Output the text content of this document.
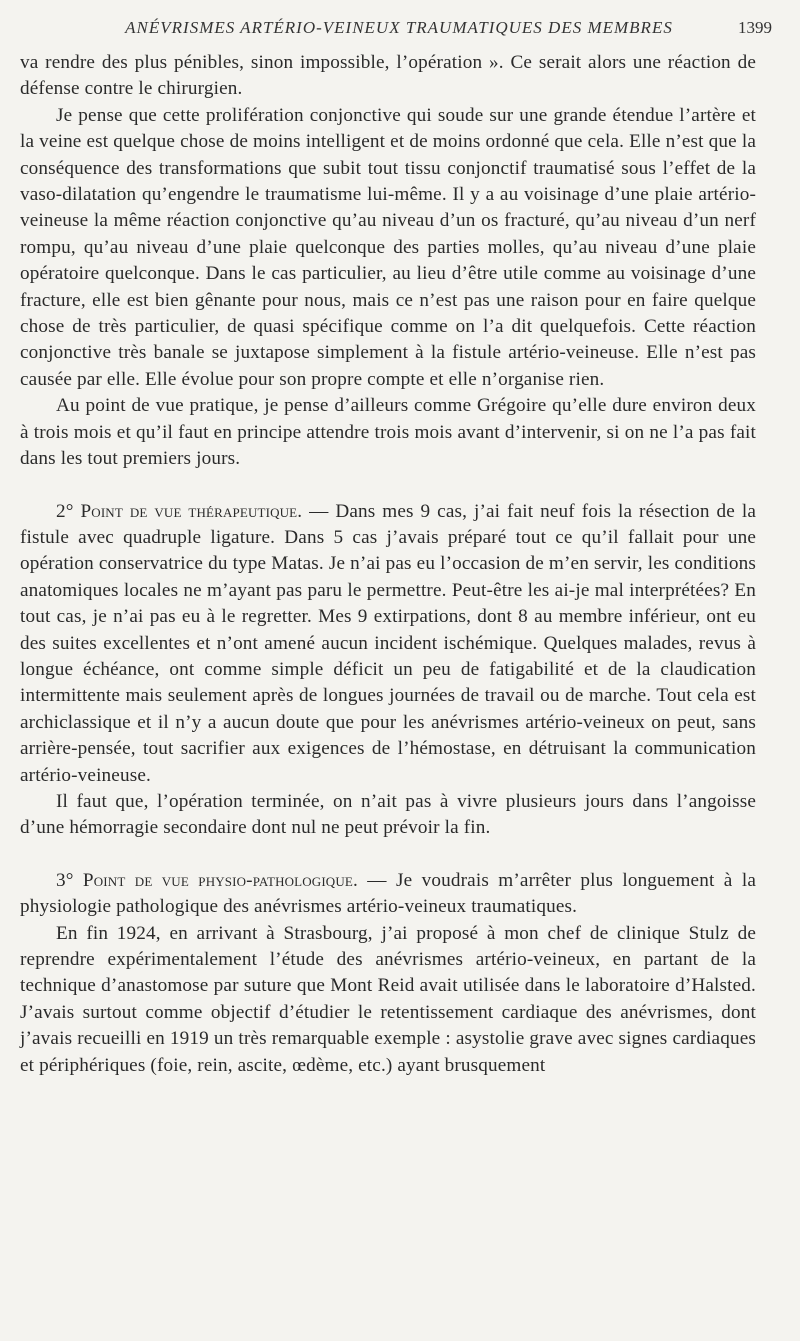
ANÉVRISMES ARTÉRIO-VEINEUX TRAUMATIQUES DES MEMBRES	1399

va rendre des plus pénibles, sinon impossible, l’opération ». Ce serait alors une réaction de défense contre le chirurgien.

Je pense que cette prolifération conjonctive qui soude sur une grande étendue l’artère et la veine est quelque chose de moins intelligent et de moins ordonné que cela. Elle n’est que la conséquence des transformations que subit tout tissu conjonctif traumatisé sous l’effet de la vaso-dilatation qu’engendre le traumatisme lui-même. Il y a au voisinage d’une plaie artério-veineuse la même réaction conjonctive qu’au niveau d’un os fracturé, qu’au niveau d’un nerf rompu, qu’au niveau d’une plaie quelconque des parties molles, qu’au niveau d’une plaie opératoire quelconque. Dans le cas particulier, au lieu d’être utile comme au voisinage d’une fracture, elle est bien gênante pour nous, mais ce n’est pas une raison pour en faire quelque chose de très particulier, de quasi spécifique comme on l’a dit quelquefois. Cette réaction conjonctive très banale se juxtapose simplement à la fistule artério-veineuse. Elle n’est pas causée par elle. Elle évolue pour son propre compte et elle n’organise rien.

Au point de vue pratique, je pense d’ailleurs comme Grégoire qu’elle dure environ deux à trois mois et qu’il faut en principe attendre trois mois avant d’intervenir, si on ne l’a pas fait dans les tout premiers jours.

2° Point de vue thérapeutique. — Dans mes 9 cas, j’ai fait neuf fois la résection de la fistule avec quadruple ligature. Dans 5 cas j’avais préparé tout ce qu’il fallait pour une opération conservatrice du type Matas. Je n’ai pas eu l’occasion de m’en servir, les conditions anatomiques locales ne m’ayant pas paru le permettre. Peut-être les ai-je mal interprétées? En tout cas, je n’ai pas eu à le regretter. Mes 9 extirpations, dont 8 au membre inférieur, ont eu des suites excellentes et n’ont amené aucun incident ischémique. Quelques malades, revus à longue échéance, ont comme simple déficit un peu de fatigabilité et de la claudication intermittente mais seulement après de longues journées de travail ou de marche. Tout cela est archiclassique et il n’y a aucun doute que pour les anévrismes artério-veineux on peut, sans arrière-pensée, tout sacrifier aux exigences de l’hémostase, en détruisant la communication artério-veineuse.

Il faut que, l’opération terminée, on n’ait pas à vivre plusieurs jours dans l’angoisse d’une hémorragie secondaire dont nul ne peut prévoir la fin.

3° Point de vue physio-pathologique. — Je voudrais m’arrêter plus longuement à la physiologie pathologique des anévrismes artério-veineux traumatiques.

En fin 1924, en arrivant à Strasbourg, j’ai proposé à mon chef de clinique Stulz de reprendre expérimentalement l’étude des anévrismes artério-veineux, en partant de la technique d’anastomose par suture que Mont Reid avait utilisée dans le laboratoire d’Halsted. J’avais surtout comme objectif d’étudier le retentissement cardiaque des anévrismes, dont j’avais recueilli en 1919 un très remarquable exemple : asystolie grave avec signes cardiaques et périphériques (foie, rein, ascite, œdème, etc.) ayant brusquement
